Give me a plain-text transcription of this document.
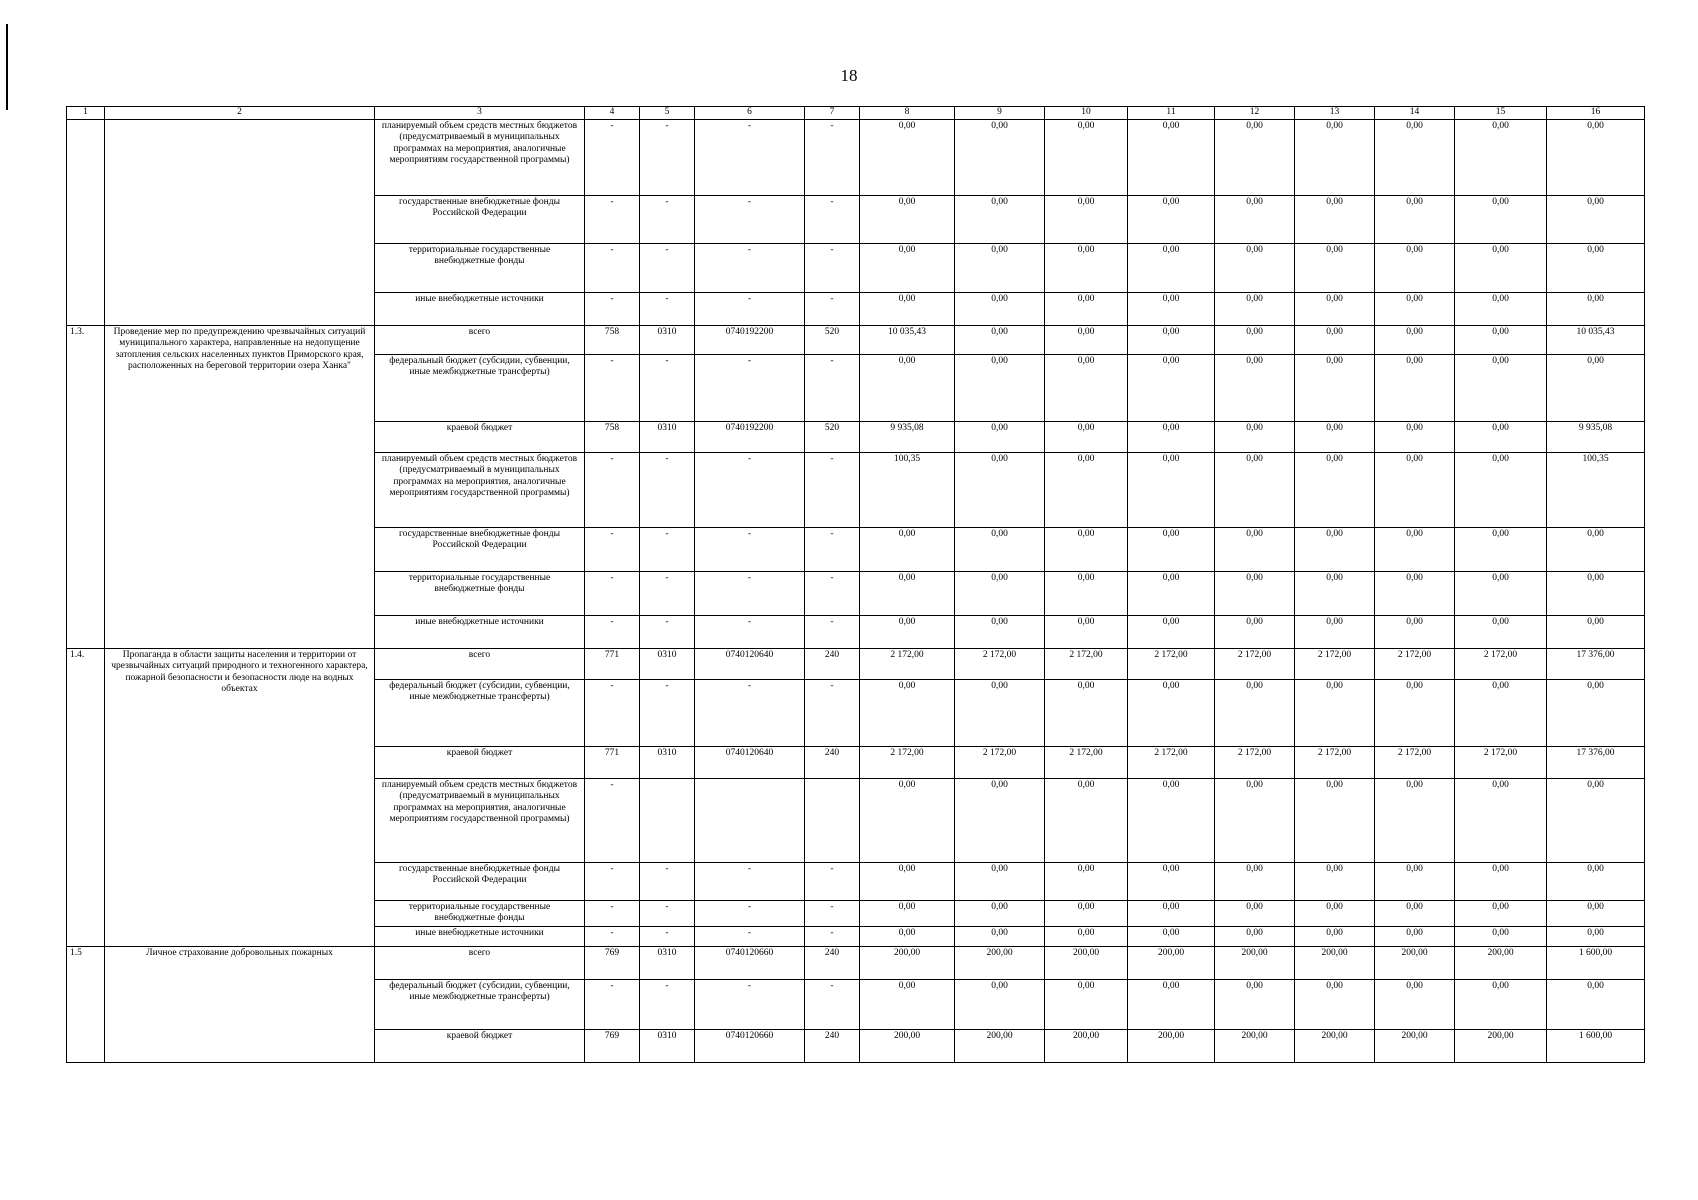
18
1	2	3	4	5	6	7	8	9	10	11	12	13	14	15	16
		планируемый объем средств местных бюджетов (предусматриваемый в муниципальных программах на мероприятия, аналогичные мероприятиям государственной программы)	-	-	-	-	0,00	0,00	0,00	0,00	0,00	0,00	0,00	0,00	0,00
		государственные внебюджетные фонды Российской Федерации	-	-	-	-	0,00	0,00	0,00	0,00	0,00	0,00	0,00	0,00	0,00
		территориальные государственные внебюджетные фонды	-	-	-	-	0,00	0,00	0,00	0,00	0,00	0,00	0,00	0,00	0,00
		иные внебюджетные источники	-	-	-	-	0,00	0,00	0,00	0,00	0,00	0,00	0,00	0,00	0,00
1.3.	Проведение мер по предупреждению чрезвычайных ситуаций муниципального характера, направленные на недопущение затопления сельских населенных пунктов Приморского края, расположенных на береговой территории озера Ханка"	всего	758	0310	0740192200	520	10 035,43	0,00	0,00	0,00	0,00	0,00	0,00	0,00	10 035,43
		федеральный бюджет (субсидии, субвенции, иные межбюджетные трансферты)	-	-	-	-	0,00	0,00	0,00	0,00	0,00	0,00	0,00	0,00	0,00
		краевой бюджет	758	0310	0740192200	520	9 935,08	0,00	0,00	0,00	0,00	0,00	0,00	0,00	9 935,08
		планируемый объем средств местных бюджетов (предусматриваемый в муниципальных программах на мероприятия, аналогичные мероприятиям государственной программы)	-	-	-	-	100,35	0,00	0,00	0,00	0,00	0,00	0,00	0,00	100,35
		государственные внебюджетные фонды Российской Федерации	-	-	-	-	0,00	0,00	0,00	0,00	0,00	0,00	0,00	0,00	0,00
		территориальные государственные внебюджетные фонды	-	-	-	-	0,00	0,00	0,00	0,00	0,00	0,00	0,00	0,00	0,00
		иные внебюджетные источники	-	-	-	-	0,00	0,00	0,00	0,00	0,00	0,00	0,00	0,00	0,00
1.4.	Пропаганда в области защиты населения и территории от чрезвычайных ситуаций природного и техногенного характера, пожарной безопасности и безопасности люде на водных объектах	всего	771	0310	0740120640	240	2 172,00	2 172,00	2 172,00	2 172,00	2 172,00	2 172,00	2 172,00	2 172,00	17 376,00
		федеральный бюджет (субсидии, субвенции, иные межбюджетные трансферты)	-	-	-	-	0,00	0,00	0,00	0,00	0,00	0,00	0,00	0,00	0,00
		краевой бюджет	771	0310	0740120640	240	2 172,00	2 172,00	2 172,00	2 172,00	2 172,00	2 172,00	2 172,00	2 172,00	17 376,00
		планируемый объем средств местных бюджетов (предусматриваемый в муниципальных программах на мероприятия, аналогичные мероприятиям государственной программы)	-				0,00	0,00	0,00	0,00	0,00	0,00	0,00	0,00	0,00
		государственные внебюджетные фонды Российской Федерации	-	-	-	-	0,00	0,00	0,00	0,00	0,00	0,00	0,00	0,00	0,00
		территориальные государственные внебюджетные фонды	-	-	-	-	0,00	0,00	0,00	0,00	0,00	0,00	0,00	0,00	0,00
		иные внебюджетные источники	-	-	-	-	0,00	0,00	0,00	0,00	0,00	0,00	0,00	0,00	0,00
1.5	Личное страхование добровольных пожарных	всего	769	0310	0740120660	240	200,00	200,00	200,00	200,00	200,00	200,00	200,00	200,00	1 600,00
		федеральный бюджет (субсидии, субвенции, иные межбюджетные трансферты)	-	-	-	-	0,00	0,00	0,00	0,00	0,00	0,00	0,00	0,00	0,00
		краевой бюджет	769	0310	0740120660	240	200,00	200,00	200,00	200,00	200,00	200,00	200,00	200,00	1 600,00
